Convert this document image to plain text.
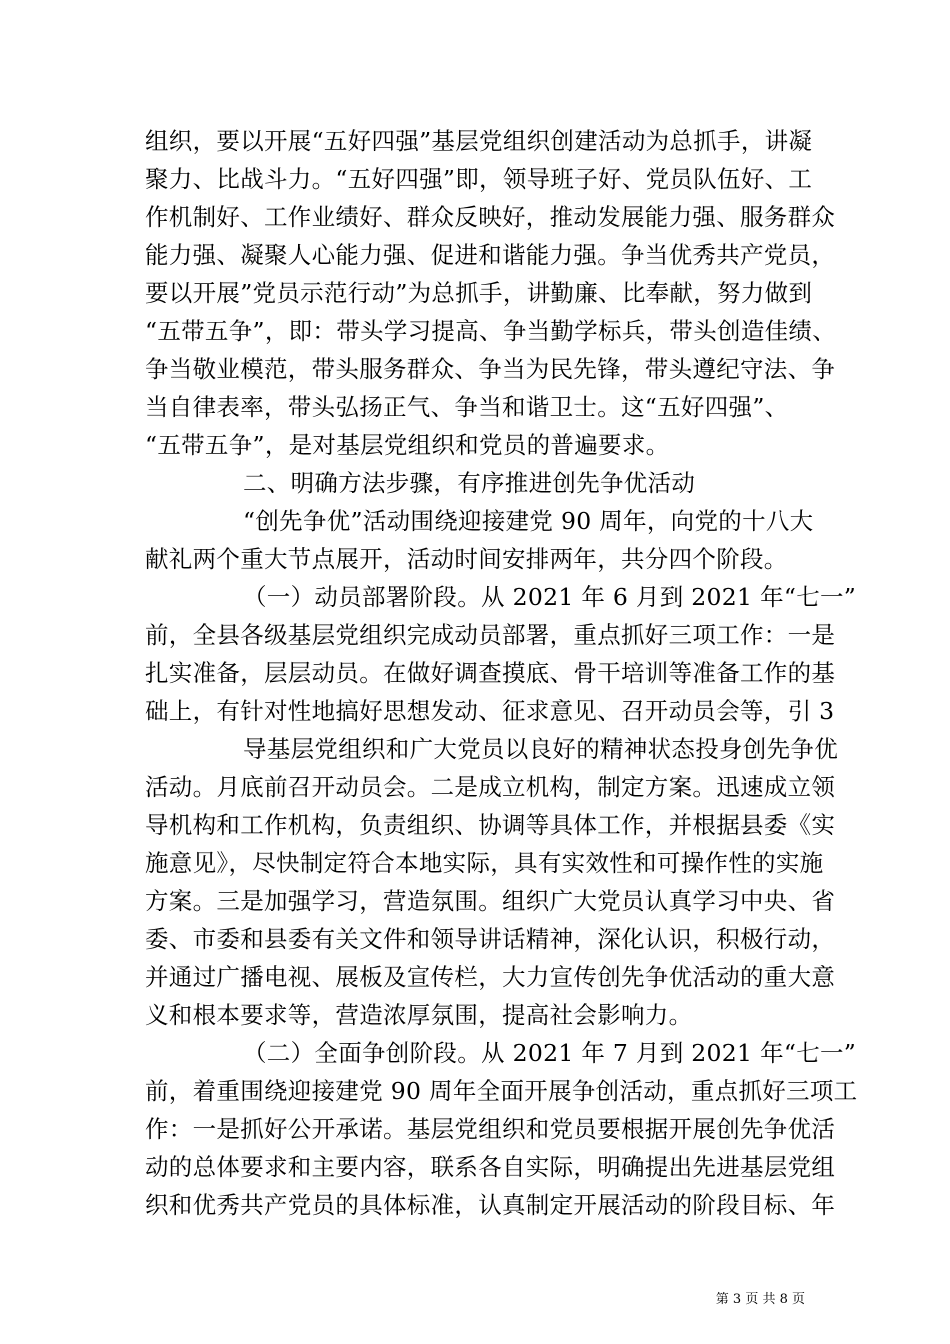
组织，要以开展“五好四强”基层党组织创建活动为总抓手，讲凝
聚力、比战斗力。“五好四强”即，领导班子好、党员队伍好、工
作机制好、工作业绩好、群众反映好，推动发展能力强、服务群众
能力强、凝聚人心能力强、促进和谐能力强。争当优秀共产党员，
要以开展”党员示范行动”为总抓手，讲勤廉、比奉献，努力做到
“五带五争”，即：带头学习提高、争当勤学标兵，带头创造佳绩、
争当敬业模范，带头服务群众、争当为民先锋，带头遵纪守法、争
当自律表率，带头弘扬正气、争当和谐卫士。这“五好四强”、
“五带五争”，是对基层党组织和党员的普遍要求。
二、明确方法步骤，有序推进创先争优活动
“创先争优”活动围绕迎接建党 90 周年，向党的十八大
献礼两个重大节点展开，活动时间安排两年，共分四个阶段。
（一）动员部署阶段。从 2021 年 6 月到 2021 年“七一”
前，全县各级基层党组织完成动员部署，重点抓好三项工作：一是
扎实准备，层层动员。在做好调查摸底、骨干培训等准备工作的基
础上，有针对性地搞好思想发动、征求意见、召开动员会等，引 3
导基层党组织和广大党员以良好的精神状态投身创先争优
活动。月底前召开动员会。二是成立机构，制定方案。迅速成立领
导机构和工作机构，负责组织、协调等具体工作，并根据县委《实
施意见》，尽快制定符合本地实际，具有实效性和可操作性的实施
方案。三是加强学习，营造氛围。组织广大党员认真学习中央、省
委、市委和县委有关文件和领导讲话精神，深化认识，积极行动，
并通过广播电视、展板及宣传栏，大力宣传创先争优活动的重大意
义和根本要求等，营造浓厚氛围，提高社会影响力。
（二）全面争创阶段。从 2021 年 7 月到 2021 年“七一”
前，着重围绕迎接建党 90 周年全面开展争创活动，重点抓好三项工
作：一是抓好公开承诺。基层党组织和党员要根据开展创先争优活
动的总体要求和主要内容，联系各自实际，明确提出先进基层党组
织和优秀共产党员的具体标准，认真制定开展活动的阶段目标、年
第 3 页 共 8 页
